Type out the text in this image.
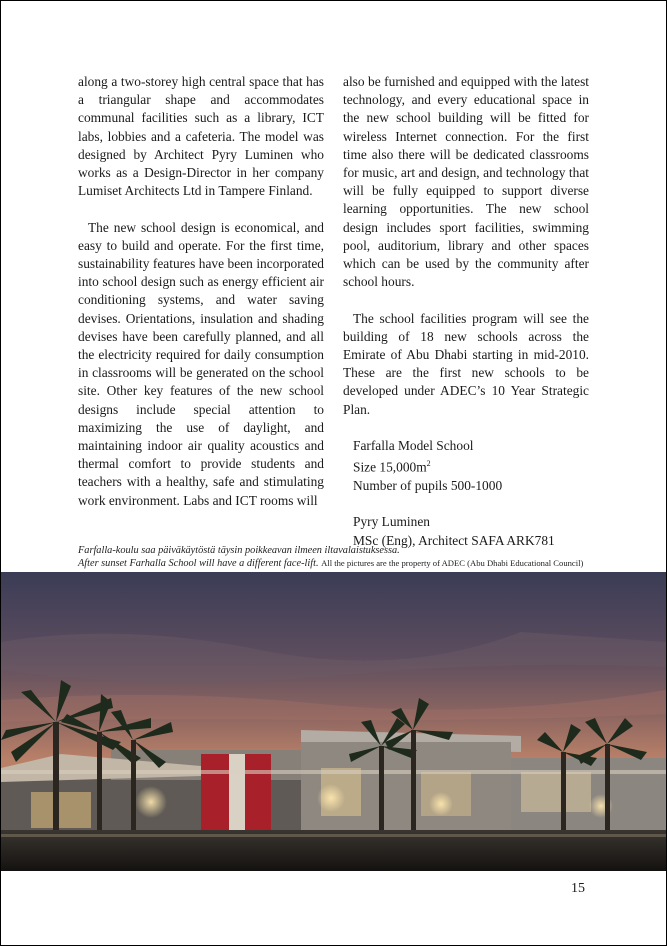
along a two-storey high central space that has a triangular shape and accommodates communal facilities such as a library, ICT labs, lobbies and a cafeteria. The model was designed by Architect Pyry Luminen who works as a Design-Director in her company Lumiset Architects Ltd in Tampere Finland.

The new school design is economical, and easy to build and operate. For the first time, sustainability features have been incorporated into school design such as energy efficient air conditioning systems, and water saving devises. Orientations, insulation and shading devises have been carefully planned, and all the electricity required for daily consumption in classrooms will be generated on the school site. Other key features of the new school designs include special attention to maximizing the use of daylight, and maintaining indoor air quality acoustics and thermal comfort to provide students and teachers with a healthy, safe and stimulating work environment. Labs and ICT rooms will

also be furnished and equipped with the latest technology, and every educational space in the new school building will be fitted for wireless Internet connection. For the first time also there will be dedicated classrooms for music, art and design, and technology that will be fully equipped to support diverse learning opportunities. The new school design includes sport facilities, swimming pool, auditorium, library and other spaces which can be used by the community after school hours.

The school facilities program will see the building of 18 new schools across the Emirate of Abu Dhabi starting in mid-2010. These are the first new schools to be developed under ADEC’s 10 Year Strategic Plan.

Farfalla Model School
Size $15,000m^2$
Number of pupils 500-1000
Pyry Luminen
MSc (Eng), Architect SAFA ARK781
Farfalla-koulu saa päiväkäytöstä täysin poikkeavan ilmeen iltavalaistuksessa.
After sunset Farhalla School will have a different face-lift. All the pictures are the property of ADEC (Abu Dhabi Educational Council)
15
